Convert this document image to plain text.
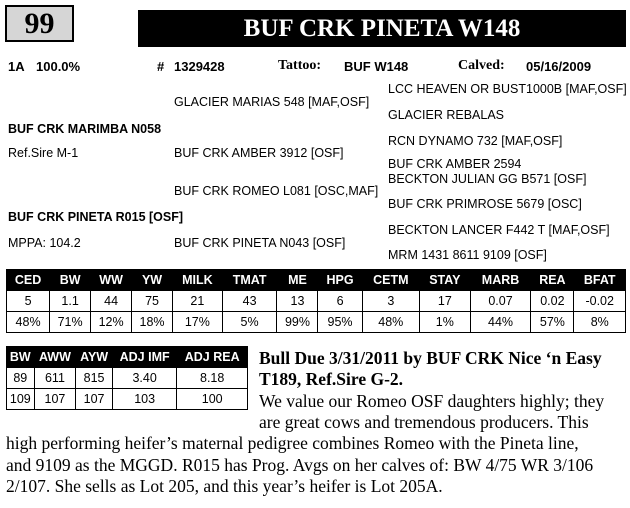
99	BUF CRK PINETA W148
1A 100.0%	# 1329428	Tattoo: BUF W148	Calved: 05/16/2009
BUF CRK MARIMBA N058
Ref.Sire M-1
BUF CRK PINETA R015 [OSF]
MPPA: 104.2
GLACIER MARIAS 548 [MAF,OSF]
BUF CRK AMBER 3912 [OSF]
BUF CRK ROMEO L081 [OSC,MAF]
BUF CRK PINETA N043 [OSF]
LCC HEAVEN OR BUST1000B [MAF,OSF]
GLACIER REBALAS
RCN DYNAMO 732 [MAF,OSF]
BUF CRK AMBER 2594
BECKTON JULIAN GG B571 [OSF]
BUF CRK PRIMROSE 5679 [OSC]
BECKTON LANCER F442 T [MAF,OSF]
MRM 1431 8611 9109 [OSF]
CED	BW	WW	YW	MILK	TMAT	ME	HPG	CETM	STAY	MARB	REA	BFAT
5	1.1	44	75	21	43	13	6	3	17	0.07	0.02	-0.02
48%	71%	12%	18%	17%	5%	99%	95%	48%	1%	44%	57%	8%
BW	AWW	AYW	ADJ IMF	ADJ REA
89	611	815	3.40	8.18
109	107	107	103	100
Bull Due 3/31/2011 by BUF CRK Nice ‘n Easy
T189, Ref.Sire G-2.
We value our Romeo OSF daughters highly; they
are great cows and tremendous producers. This
high performing heifer’s maternal pedigree combines Romeo with the Pineta line,
and 9109 as the MGGD. R015 has Prog. Avgs on her calves of: BW 4/75 WR 3/106
2/107. She sells as Lot 205, and this year’s heifer is Lot 205A.
